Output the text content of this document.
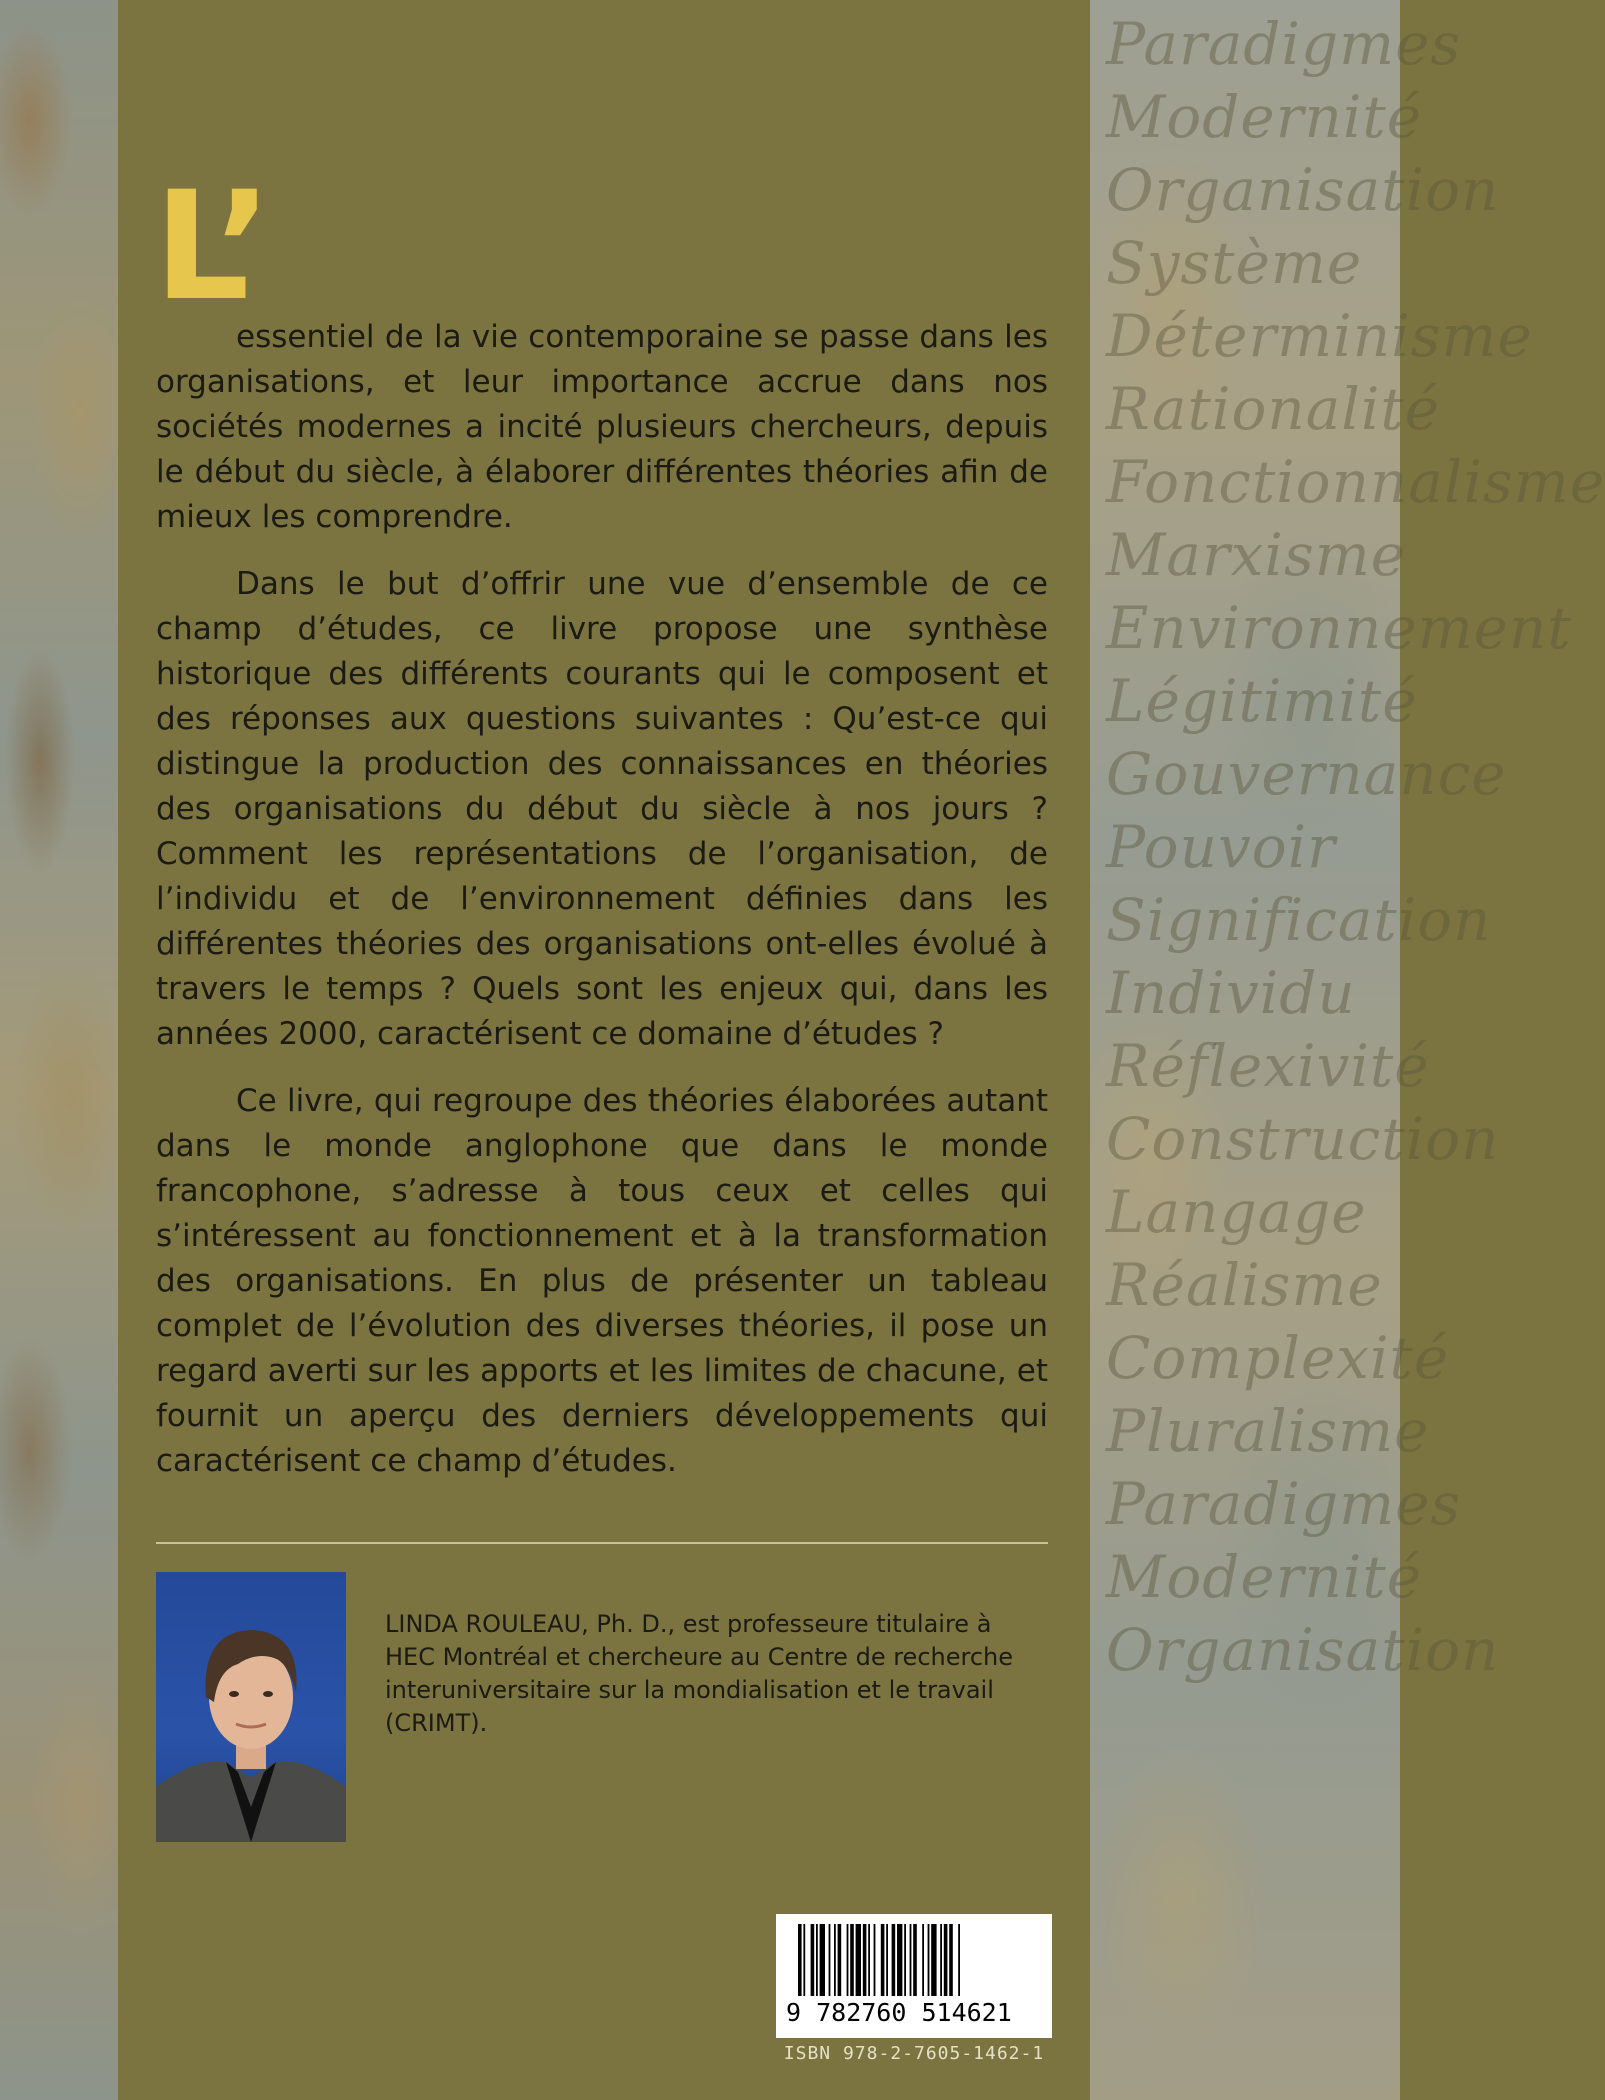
Paradigmes
Modernité
Organisation
Système
Déterminisme
Rationalité
Fonctionnalisme
Marxisme
Environnement
Légitimité
Gouvernance
Pouvoir
Signification
Individu
Réflexivité
Construction
Langage
Réalisme
Complexité
Pluralisme
Paradigmes
Modernité
Organisation

L’
essentiel de la vie contemporaine se passe dans les organisations, et leur importance accrue dans nos sociétés modernes a incité plusieurs chercheurs, depuis le début du siècle, à élaborer différentes théories afin de mieux les comprendre.

Dans le but d’offrir une vue d’ensemble de ce champ d’études, ce livre propose une synthèse historique des différents courants qui le composent et des réponses aux questions suivantes : Qu’est-ce qui distingue la production des connaissances en théories des organisations du début du siècle à nos jours ? Comment les représentations de l’organisation, de l’individu et de l’environnement définies dans les différentes théories des organisations ont-elles évolué à travers le temps ? Quels sont les enjeux qui, dans les années 2000, caractérisent ce domaine d’études ?

Ce livre, qui regroupe des théories élaborées autant dans le monde anglophone que dans le monde francophone, s’adresse à tous ceux et celles qui s’intéressent au fonctionnement et à la transformation des organisations. En plus de présenter un tableau complet de l’évolution des diverses théories, il pose un regard averti sur les apports et les limites de chacune, et fournit un aperçu des derniers développements qui caractérisent ce champ d’études.

LINDA ROULEAU, Ph. D., est professeure titulaire à HEC Montréal et chercheure au Centre de recherche interuniversitaire sur la mondialisation et le travail (CRIMT).
9 782760 514621
ISBN 978-2-7605-1462-1
